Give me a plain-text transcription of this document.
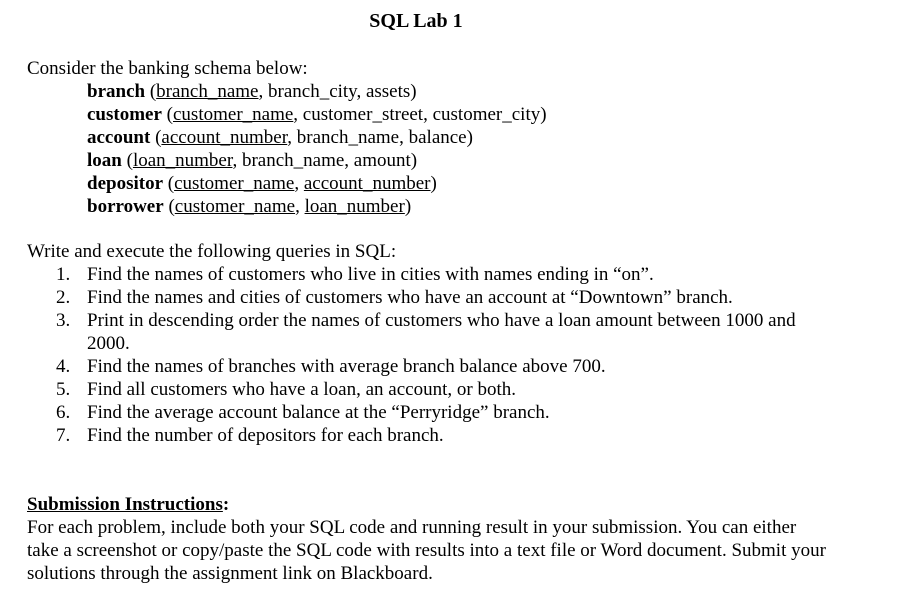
SQL Lab 1
Consider the banking schema below:
branch (branch_name, branch_city, assets)
customer (customer_name, customer_street, customer_city)
account (account_number, branch_name, balance)
loan (loan_number, branch_name, amount)
depositor (customer_name, account_number)
borrower (customer_name, loan_number)
Write and execute the following queries in SQL:
1. Find the names of customers who live in cities with names ending in “on”.
2. Find the names and cities of customers who have an account at “Downtown” branch.
3. Print in descending order the names of customers who have a loan amount between 1000 and 2000.
4. Find the names of branches with average branch balance above 700.
5. Find all customers who have a loan, an account, or both.
6. Find the average account balance at the “Perryridge” branch.
7. Find the number of depositors for each branch.
Submission Instructions:
For each problem, include both your SQL code and running result in your submission. You can either take a screenshot or copy/paste the SQL code with results into a text file or Word document. Submit your solutions through the assignment link on Blackboard.
